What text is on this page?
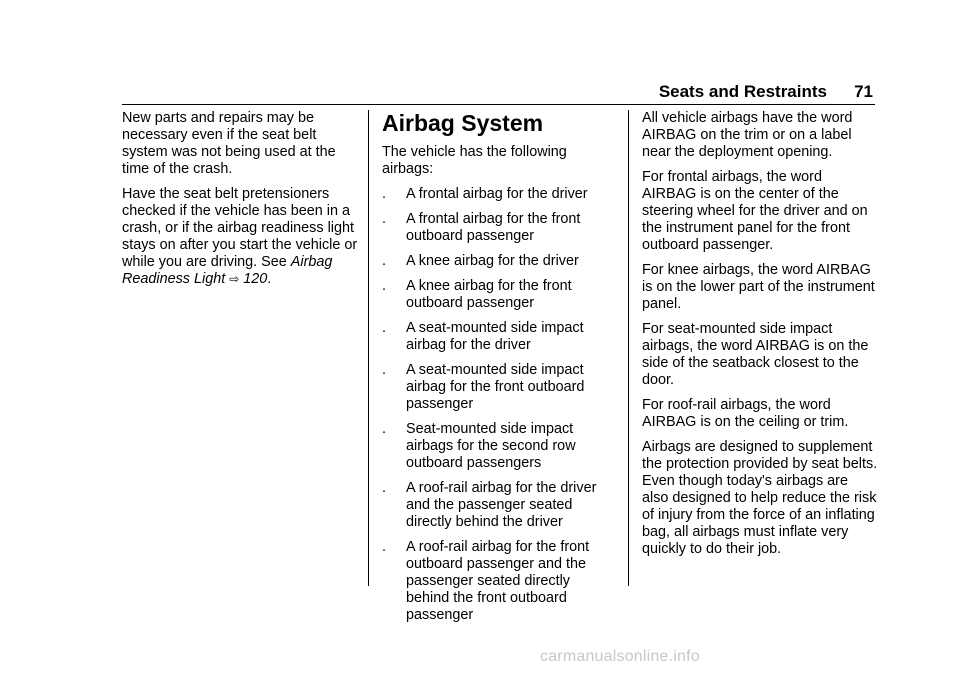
Seats and Restraints 71

New parts and repairs may be necessary even if the seat belt system was not being used at the time of the crash.

Have the seat belt pretensioners checked if the vehicle has been in a crash, or if the airbag readiness light stays on after you start the vehicle or while you are driving. See Airbag Readiness Light ⇨ 120.

Airbag System

The vehicle has the following airbags:

. A frontal airbag for the driver
. A frontal airbag for the front outboard passenger
. A knee airbag for the driver
. A knee airbag for the front outboard passenger
. A seat-mounted side impact airbag for the driver
. A seat-mounted side impact airbag for the front outboard passenger
. Seat-mounted side impact airbags for the second row outboard passengers
. A roof-rail airbag for the driver and the passenger seated directly behind the driver
. A roof-rail airbag for the front outboard passenger and the passenger seated directly behind the front outboard passenger

All vehicle airbags have the word AIRBAG on the trim or on a label near the deployment opening.

For frontal airbags, the word AIRBAG is on the center of the steering wheel for the driver and on the instrument panel for the front outboard passenger.

For knee airbags, the word AIRBAG is on the lower part of the instrument panel.

For seat-mounted side impact airbags, the word AIRBAG is on the side of the seatback closest to the door.

For roof-rail airbags, the word AIRBAG is on the ceiling or trim.

Airbags are designed to supplement the protection provided by seat belts. Even though today's airbags are also designed to help reduce the risk of injury from the force of an inflating bag, all airbags must inflate very quickly to do their job.

carmanualsonline.info
